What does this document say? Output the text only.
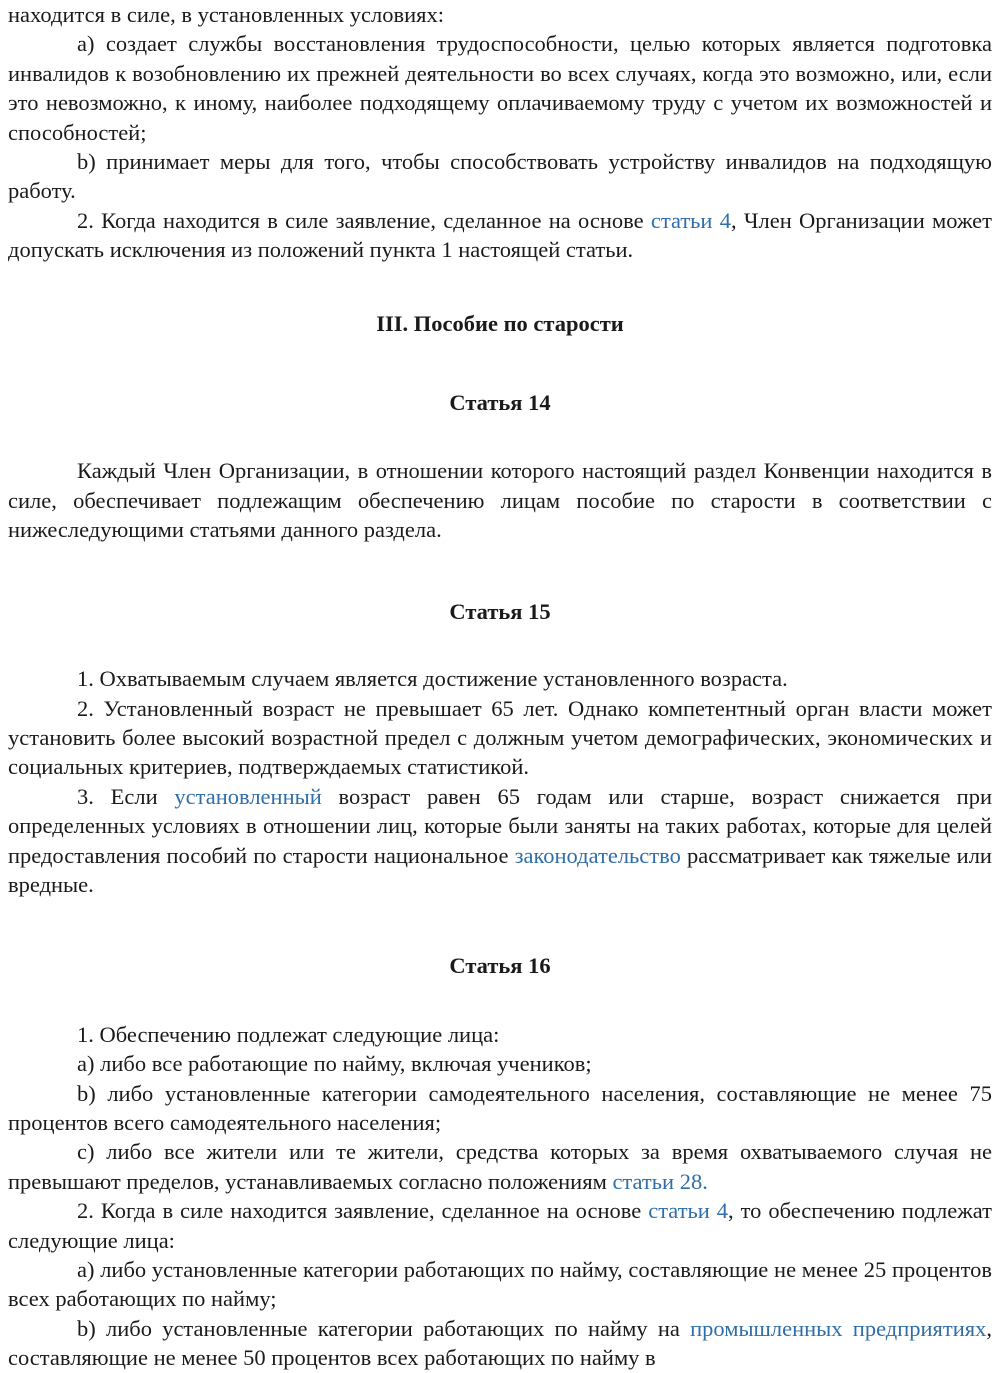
находится в силе, в установленных условиях:

a) создает службы восстановления трудоспособности, целью которых является подготовка инвалидов к возобновлению их прежней деятельности во всех случаях, когда это возможно, или, если это невозможно, к иному, наиболее подходящему оплачиваемому труду с учетом их возможностей и способностей;

b) принимает меры для того, чтобы способствовать устройству инвалидов на подходящую работу.

2. Когда находится в силе заявление, сделанное на основе статьи 4, Член Организации может допускать исключения из положений пункта 1 настоящей статьи.

III. Пособие по старости
Статья 14

Каждый Член Организации, в отношении которого настоящий раздел Конвенции находится в силе, обеспечивает подлежащим обеспечению лицам пособие по старости в соответствии с нижеследующими статьями данного раздела.

Статья 15

1. Охватываемым случаем является достижение установленного возраста.

2. Установленный возраст не превышает 65 лет. Однако компетентный орган власти может установить более высокий возрастной предел с должным учетом демографических, экономических и социальных критериев, подтверждаемых статистикой.

3. Если установленный возраст равен 65 годам или старше, возраст снижается при определенных условиях в отношении лиц, которые были заняты на таких работах, которые для целей предоставления пособий по старости национальное законодательство рассматривает как тяжелые или вредные.

Статья 16

1. Обеспечению подлежат следующие лица:

a) либо все работающие по найму, включая учеников;

b) либо установленные категории самодеятельного населения, составляющие не менее 75 процентов всего самодеятельного населения;

c) либо все жители или те жители, средства которых за время охватываемого случая не превышают пределов, устанавливаемых согласно положениям статьи 28.

2. Когда в силе находится заявление, сделанное на основе статьи 4, то обеспечению подлежат следующие лица:

a) либо установленные категории работающих по найму, составляющие не менее 25 процентов всех работающих по найму;

b) либо установленные категории работающих по найму на промышленных предприятиях, составляющие не менее 50 процентов всех работающих по найму в
